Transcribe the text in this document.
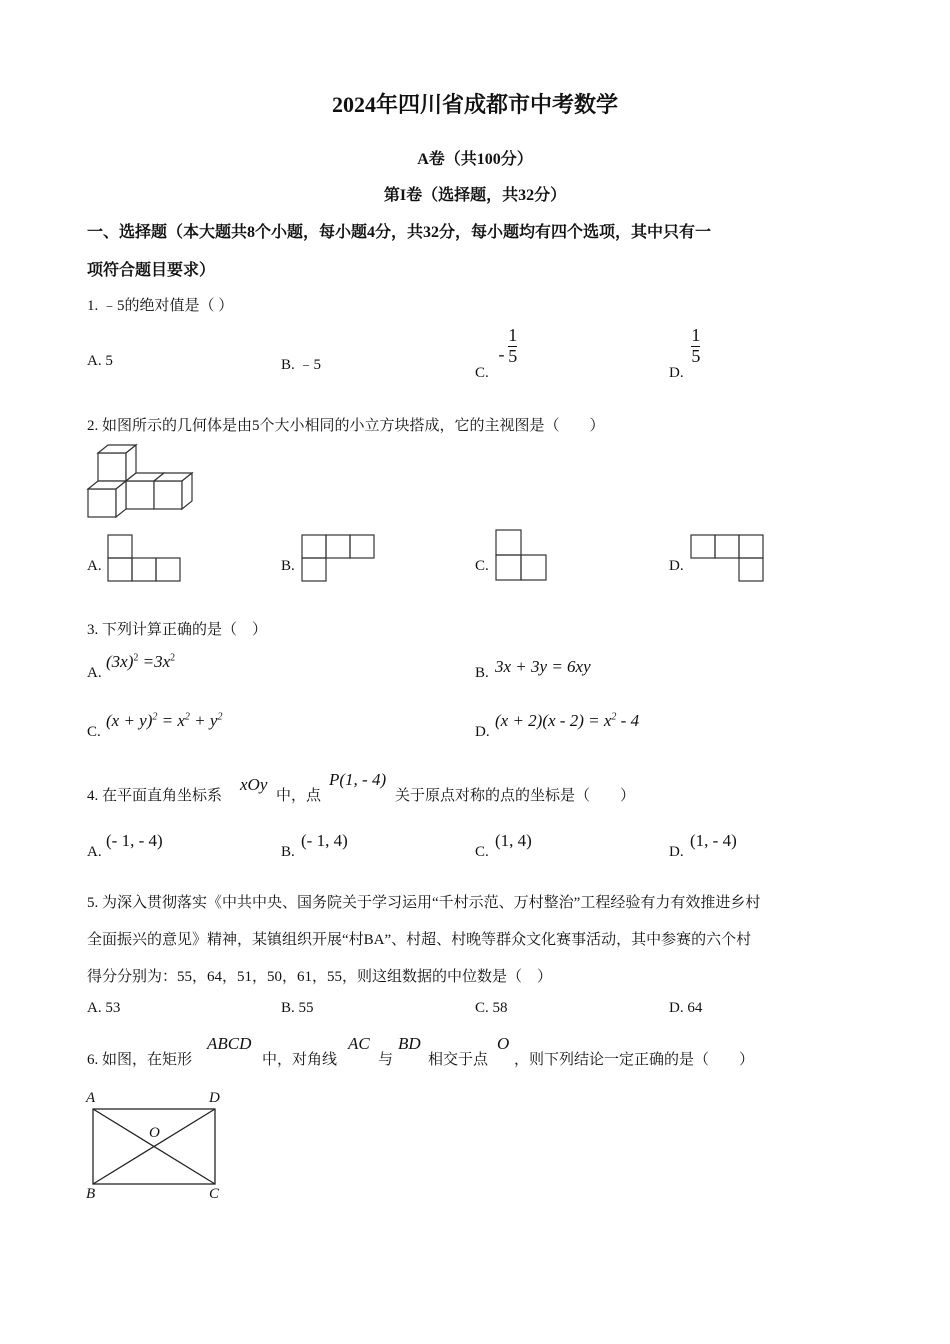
2024年四川省成都市中考数学
A卷（共100分）
第I卷（选择题，共32分）
一、选择题（本大题共8个小题，每小题4分，共32分，每小题均有四个选项，其中只有一
项符合题目要求）
1. ﹣5的绝对值是（ ）
A. 5	B. ﹣5	C. - $\frac{1}{5}$
D.
$\frac{1}{5}$
2. 如图所示的几何体是由5个大小相同的小立方块搭成，它的主视图是（　　）
A.	B.	C.	D.
3. 下列计算正确的是（　）
A.
$(3x)^2 =3x^2$
B. 3x + 3y = 6xy
C.
$(x + y)^2 = x^2 + y^2$
D.
$(x + 2)(x - 2) = x^2 - 4$
4. 在平面直角坐标系
xOy
中，点
P(1, - 4)
关于原点对称的点的坐标是（　　）
A.
(- 1, - 4)
B.
(- 1, 4)
C.
(1, 4)
D.
(1, - 4)
5. 为深入贯彻落实《中共中央、国务院关于学习运用“千村示范、万村整治”工程经验有力有效推进乡村
全面振兴的意见》精神，某镇组织开展“村BA”、村超、村晚等群众文化赛事活动，其中参赛的六个村
得分分别为：55，64，51，50，61，55，则这组数据的中位数是（　）
A. 53	B. 55	C. 58	D. 64
6. 如图，在矩形
ABCD
中，对角线
AC
与
BD
相交于点
O
，则下列结论一定正确的是（　　）
A	D
O
B	C
